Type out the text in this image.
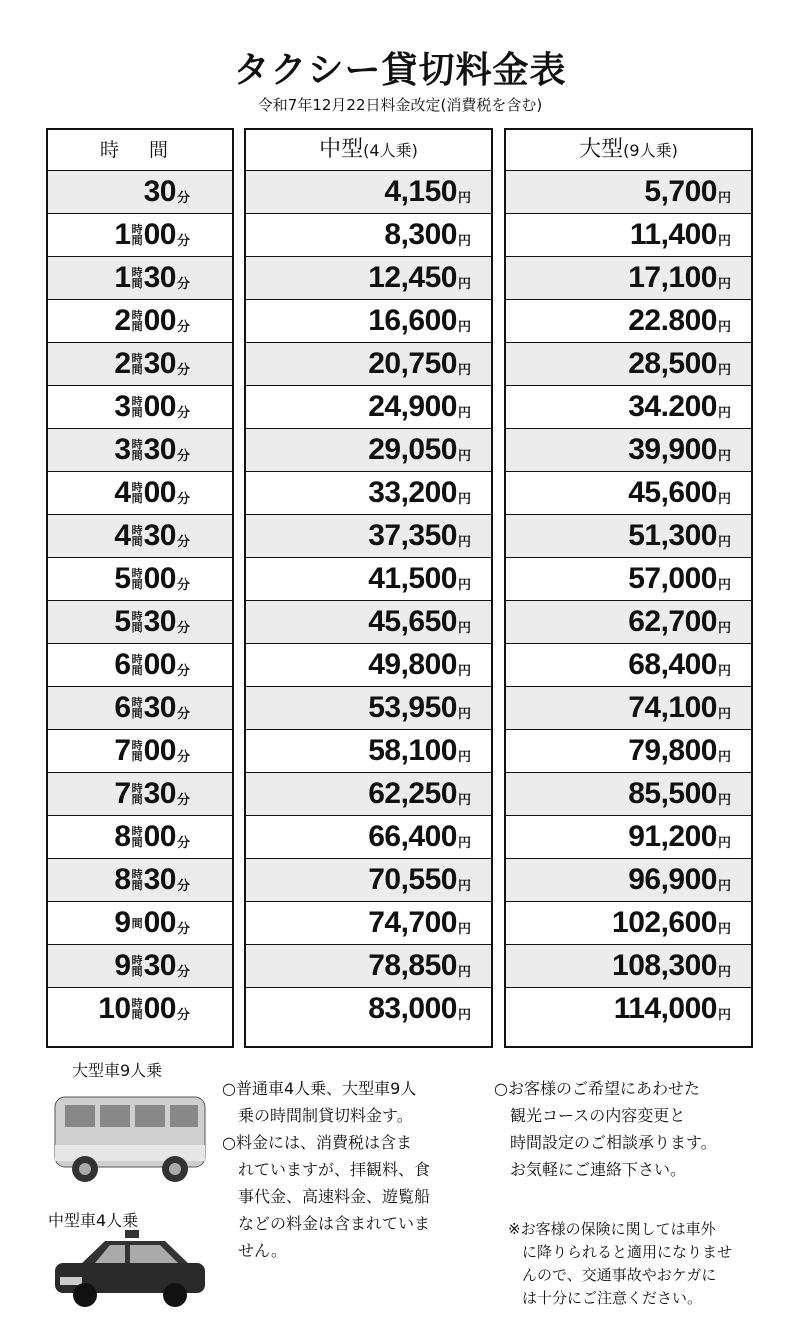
タクシー貸切料金表
令和7年12月22日料金改定(消費税を含む)
時 間
30 分
1 時
間 00 分
1 時
間 30 分
2 時
間 00 分
2 時
間 30 分
3 時
間 00 分
3 時
間 30 分
4 時
間 00 分
4 時
間 30 分
5 時
間 00 分
5 時
間 30 分
6 時
間 00 分
6 時
間 30 分
7 時
間 00 分
7 時
間 30 分
8 時
間 00 分
8 時
間 30 分
9 間 00 分
9 時
間 30 分
10 時
間 00 分
中型(4人乗)
4,150 円
8,300 円
12,450 円
16,600 円
20,750 円
24,900 円
29,050 円
33,200 円
37,350 円
41,500 円
45,650 円
49,800 円
53,950 円
58,100 円
62,250 円
66,400 円
70,550 円
74,700 円
78,850 円
83,000 円
大型(9人乗)
5,700 円
11,400 円
17,100 円
22.800 円
28,500 円
34.200 円
39,900 円
45,600 円
51,300 円
57,000 円
62,700 円
68,400 円
74,100 円
79,800 円
85,500 円
91,200 円
96,900 円
102,600 円
108,300 円
114,000 円
大型車9人乗
中型車4人乗
○普通車4人乗、大型車9人
乗の時間制貸切料金す。
○料金には、消費税は含ま
れていますが、拝観料、食
事代金、高速料金、遊覧船
などの料金は含まれていま
せん。
○お客様のご希望にあわせた
観光コースの内容変更と
時間設定のご相談承ります。
お気軽にご連絡下さい。
※お客様の保険に関しては車外
に降りられると適用になりませ
んので、交通事故やおケガに
は十分にご注意ください。
